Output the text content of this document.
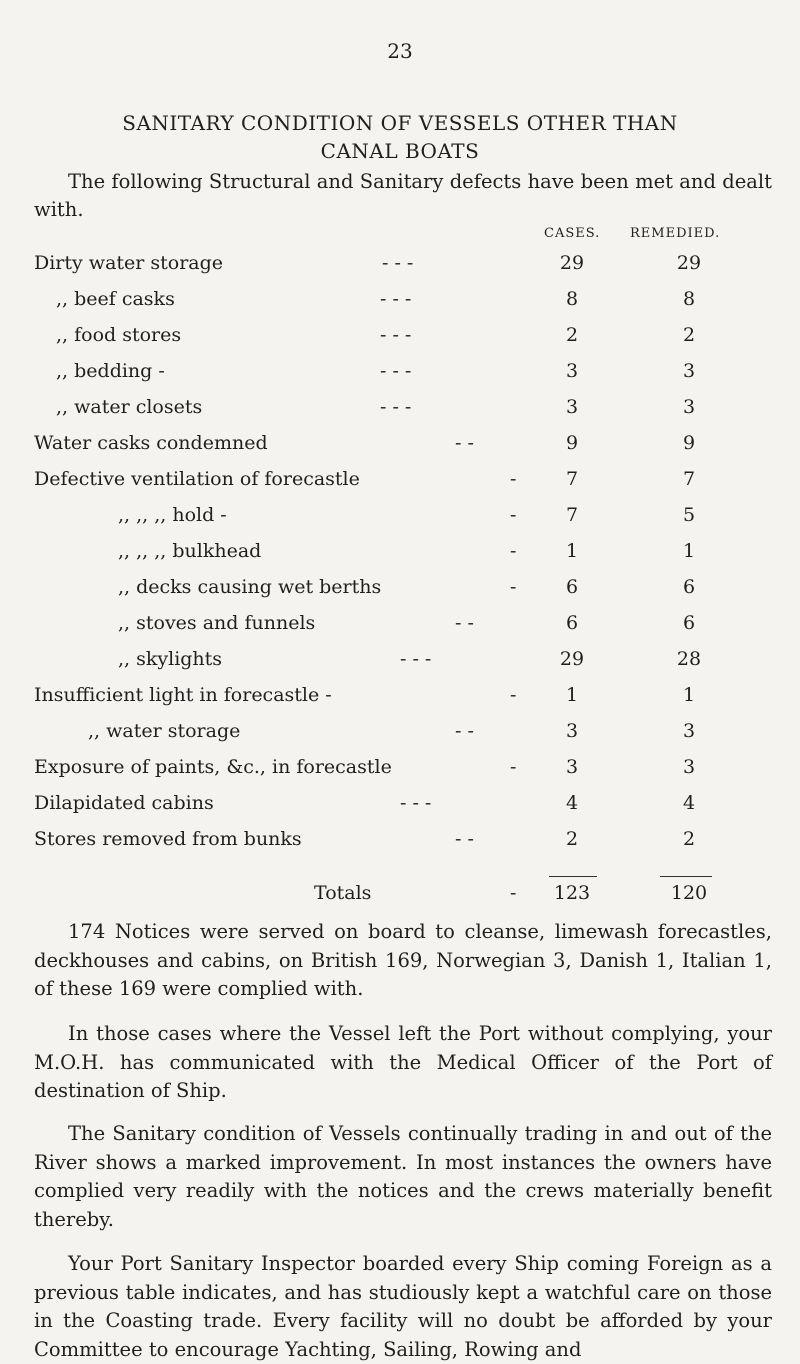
23
SANITARY CONDITION OF VESSELS OTHER THAN
CANAL BOATS

The following Structural and Sanitary defects have been met and dealt with.

CASES. REMEDIED.
Dirty water storage	- - -	29	29
,, beef casks	- - -	8	8
,, food stores	- - -	2	2
,, bedding -	- - -	3	3
,, water closets	- - -	3	3
Water casks condemned	- -	9	9
Defective ventilation of forecastle	-	7	7
,, ,, ,, hold -	-	7	5
,, ,, ,, bulkhead	-	1	1
,, decks causing wet berths	-	6	6
,, stoves and funnels	- -	6	6
,, skylights	- - -	29	28
Insufficient light in forecastle -	-	1	1
,, water storage	- -	3	3
Exposure of paints, &c., in forecastle	-	3	3
Dilapidated cabins	- - -	4	4
Stores removed from bunks	- -	2	2
Totals	- 123	120

174 Notices were served on board to cleanse, limewash forecastles, deckhouses and cabins, on British 169, Norwegian 3, Danish 1, Italian 1, of these 169 were complied with.

In those cases where the Vessel left the Port without complying, your M.O.H. has communicated with the Medical Officer of the Port of destination of Ship.

The Sanitary condition of Vessels continually trading in and out of the River shows a marked improvement. In most instances the owners have complied very readily with the notices and the crews materially benefit thereby.

Your Port Sanitary Inspector boarded every Ship coming Foreign as a previous table indicates, and has studiously kept a watchful care on those in the Coasting trade. Every facility will no doubt be afforded by your Committee to encourage Yachting, Sailing, Rowing and
